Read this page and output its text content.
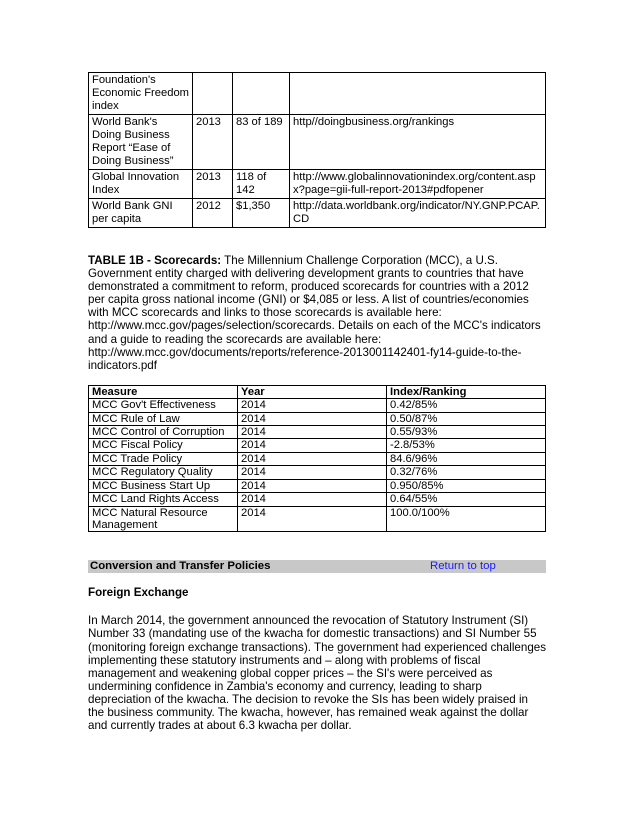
Foundation's Economic Freedom index			
World Bank's Doing Business Report “Ease of Doing Business”	2013	83 of 189	http//doingbusiness.org/rankings
Global Innovation Index	2013	118 of 142	http://www.globalinnovationindex.org/content.aspx?page=gii-full-report-2013#pdfopener
World Bank GNI per capita	2012	$1,350	http://data.worldbank.org/indicator/NY.GNP.PCAP.CD

TABLE 1B - Scorecards: The Millennium Challenge Corporation (MCC), a U.S. Government entity charged with delivering development grants to countries that have demonstrated a commitment to reform, produced scorecards for countries with a 2012 per capita gross national income (GNI) or $4,085 or less. A list of countries/economies with MCC scorecards and links to those scorecards is available here: http://www.mcc.gov/pages/selection/scorecards. Details on each of the MCC's indicators and a guide to reading the scorecards are available here: http://www.mcc.gov/documents/reports/reference-2013001142401-fy14-guide-to-the-indicators.pdf

Measure	Year	Index/Ranking
MCC Gov't Effectiveness	2014	0.42/85%
MCC Rule of Law	2014	0.50/87%
MCC Control of Corruption	2014	0.55/93%
MCC Fiscal Policy	2014	-2.8/53%
MCC Trade Policy	2014	84.6/96%
MCC Regulatory Quality	2014	0.32/76%
MCC Business Start Up	2014	0.950/85%
MCC Land Rights Access	2014	0.64/55%
MCC Natural Resource Management	2014	100.0/100%
Conversion and Transfer Policies	Return to top

Foreign Exchange

In March 2014, the government announced the revocation of Statutory Instrument (SI) Number 33 (mandating use of the kwacha for domestic transactions) and SI Number 55 (monitoring foreign exchange transactions). The government had experienced challenges implementing these statutory instruments and – along with problems of fiscal management and weakening global copper prices – the SI's were perceived as undermining confidence in Zambia's economy and currency, leading to sharp depreciation of the kwacha. The decision to revoke the SIs has been widely praised in the business community. The kwacha, however, has remained weak against the dollar and currently trades at about 6.3 kwacha per dollar.
